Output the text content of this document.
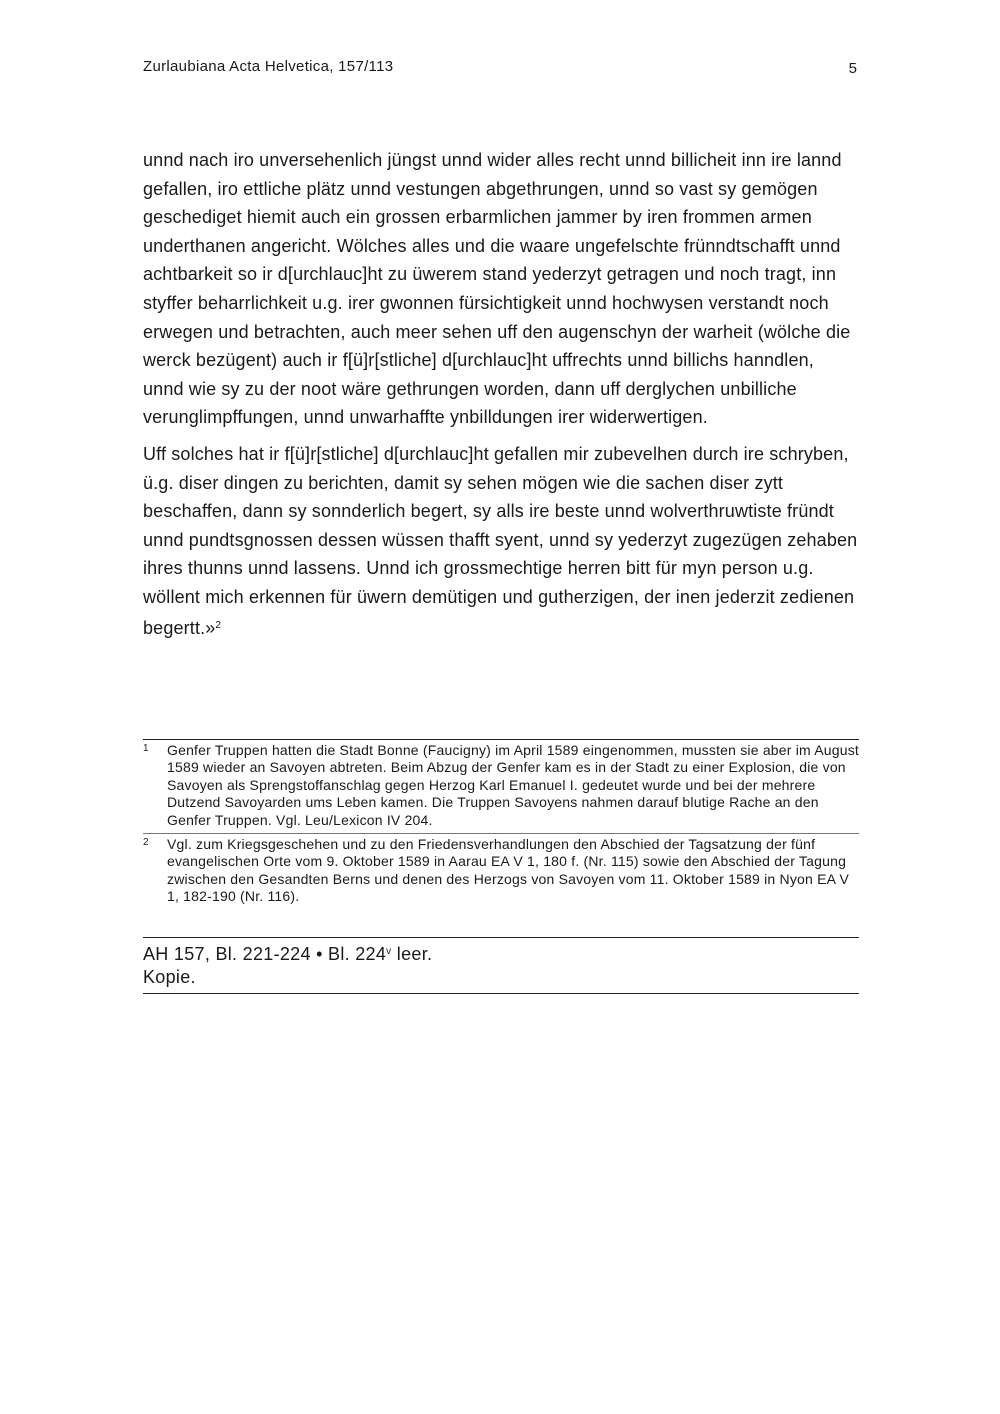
Zurlaubiana Acta Helvetica, 157/113	5

unnd nach iro unversehenlich jüngst unnd wider alles recht unnd billicheit inn ire lannd gefallen, iro ettliche plätz unnd vestungen abgethrungen, unnd so vast sy gemögen geschediget hiemit auch ein grossen erbarmlichen jammer by iren frommen armen underthanen angericht. Wölches alles und die waare ungefelschte frünndtschafft unnd achtbarkeit so ir d[urchlauc]ht zu üwerem stand yederzyt getragen und noch tragt, inn styffer beharrlichkeit u.g. irer gwonnen fürsichtigkeit unnd hochwysen verstandt noch erwegen und betrachten, auch meer sehen uff den augenschyn der warheit (wölche die werck bezügent) auch ir f[ü]r[stliche] d[urchlauc]ht uffrechts unnd billichs hanndlen, unnd wie sy zu der noot wäre gethrungen worden, dann uff derglychen unbilliche verunglimpffungen, unnd unwarhaffte ynbilldungen irer widerwertigen.

Uff solches hat ir f[ü]r[stliche] d[urchlauc]ht gefallen mir zubevelhen durch ire schryben, ü.g. diser dingen zu berichten, damit sy sehen mögen wie die sachen diser zytt beschaffen, dann sy sonnderlich begert, sy alls ire beste unnd wolverthruwtiste fründt unnd pundtsgnossen dessen wüssen thafft syent, unnd sy yederzyt zugezügen zehaben ihres thunns unnd lassens. Unnd ich grossmechtige herren bitt für myn person u.g. wöllent mich erkennen für üwern demütigen und gutherzigen, der inen jederzit zedienen begertt.»$^2$

1	Genfer Truppen hatten die Stadt Bonne (Faucigny) im April 1589 eingenommen, mussten sie aber im August 1589 wieder an Savoyen abtreten. Beim Abzug der Genfer kam es in der Stadt zu einer Explosion, die von Savoyen als Sprengstoffanschlag gegen Herzog Karl Emanuel I. gedeutet wurde und bei der mehrere Dutzend Savoyarden ums Leben kamen. Die Truppen Savoyens nahmen darauf blutige Rache an den Genfer Truppen. Vgl. Leu/Lexicon IV 204.
2	Vgl. zum Kriegsgeschehen und zu den Friedensverhandlungen den Abschied der Tagsatzung der fünf evangelischen Orte vom 9. Oktober 1589 in Aarau EA V 1, 180 f. (Nr. 115) sowie den Abschied der Tagung zwischen den Gesandten Berns und denen des Herzogs von Savoyen vom 11. Oktober 1589 in Nyon EA V 1, 182-190 (Nr. 116).
AH 157, Bl. 221-224 • Bl. 224$^v$ leer.
Kopie.
